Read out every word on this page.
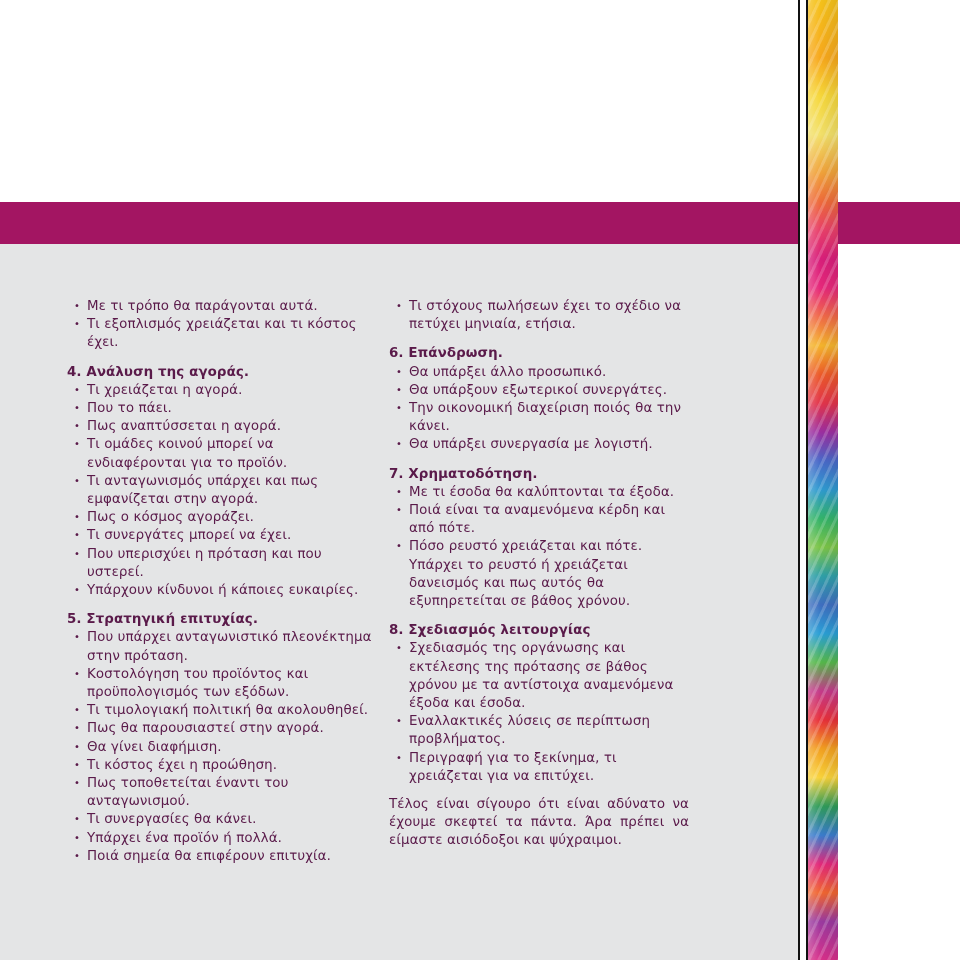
• Με τι τρόπο θα παράγονται αυτά.
• Τι εξοπλισμός χρειάζεται και τι κόστος έχει.

4. Ανάλυση της αγοράς.

• Τι χρειάζεται η αγορά.
• Που το πάει.
• Πως αναπτύσσεται η αγορά.
• Τι ομάδες κοινού μπορεί να ενδιαφέρονται για το προϊόν.
• Τι ανταγωνισμός υπάρχει και πως εμφανίζεται στην αγορά.
• Πως ο κόσμος αγοράζει.
• Τι συνεργάτες μπορεί να έχει.
• Που υπερισχύει η πρόταση και που υστερεί.
• Υπάρχουν κίνδυνοι ή κάποιες ευκαιρίες.

5. Στρατηγική επιτυχίας.

• Που υπάρχει ανταγωνιστικό πλεονέκτημα στην πρόταση.
• Κοστολόγηση του προϊόντος και προϋπολογισμός των εξόδων.
• Τι τιμολογιακή πολιτική θα ακολουθηθεί.
• Πως θα παρουσιαστεί στην αγορά.
• Θα γίνει διαφήμιση.
• Τι κόστος έχει η προώθηση.
• Πως τοποθετείται έναντι του ανταγωνισμού.
• Τι συνεργασίες θα κάνει.
• Υπάρχει ένα προϊόν ή πολλά.
• Ποιά σημεία θα επιφέρουν επιτυχία.
• Τι στόχους πωλήσεων έχει το σχέδιο να πετύχει μηνιαία, ετήσια.

6. Επάνδρωση.

• Θα υπάρξει άλλο προσωπικό.
• Θα υπάρξουν εξωτερικοί συνεργάτες.
• Την οικονομική διαχείριση ποιός θα την κάνει.
• Θα υπάρξει συνεργασία με λογιστή.

7. Χρηματοδότηση.

• Με τι έσοδα θα καλύπτονται τα έξοδα.
• Ποιά είναι τα αναμενόμενα κέρδη και από πότε.
• Πόσο ρευστό χρειάζεται και πότε. Υπάρχει το ρευστό ή χρειάζεται δανεισμός και πως αυτός θα εξυπηρετείται σε βάθος χρόνου.

8. Σχεδιασμός λειτουργίας

• Σχεδιασμός της οργάνωσης και εκτέλεσης της πρότασης σε βάθος χρόνου με τα αντίστοιχα αναμενόμενα έξοδα και έσοδα.
• Εναλλακτικές λύσεις σε περίπτωση προβλήματος.
• Περιγραφή για το ξεκίνημα, τι χρειάζεται για να επιτύχει.

Τέλος είναι σίγουρο ότι είναι αδύνατο να έχουμε σκεφτεί τα πάντα. Άρα πρέπει να είμαστε αισιόδοξοι και ψύχραιμοι.
